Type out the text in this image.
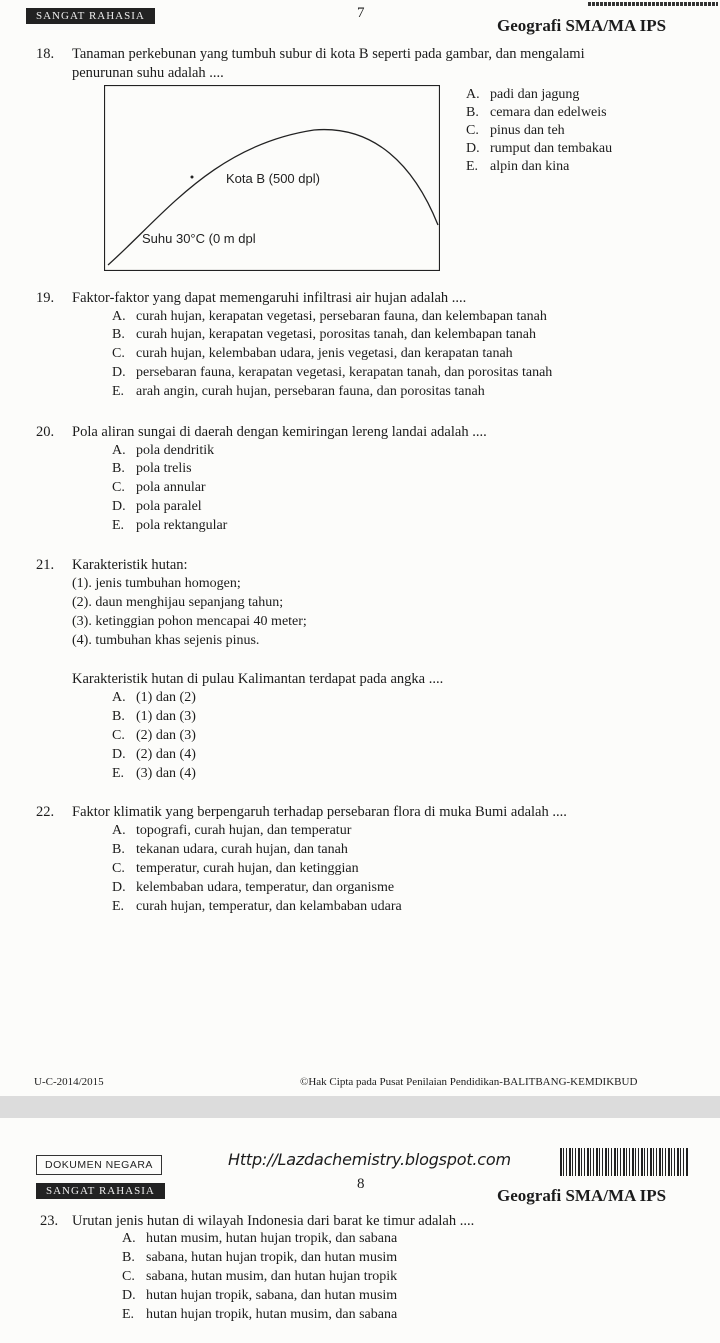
SANGAT RAHASIA	7
Geografi SMA/MA IPS
18. Tanaman perkebunan yang tumbuh subur di kota B seperti pada gambar, dan mengalami
penurunan suhu adalah ....
Kota B (500 dpl)
Suhu 30°C (0 m dpl
A. padi dan jagung
B. cemara dan edelweis
C. pinus dan teh
D. rumput dan tembakau
E. alpin dan kina
19. Faktor-faktor yang dapat memengaruhi infiltrasi air hujan adalah ....
A. curah hujan, kerapatan vegetasi, persebaran fauna, dan kelembapan tanah
B. curah hujan, kerapatan vegetasi, porositas tanah, dan kelembapan tanah
C. curah hujan, kelembaban udara, jenis vegetasi, dan kerapatan tanah
D. persebaran fauna, kerapatan vegetasi, kerapatan tanah, dan porositas tanah
E. arah angin, curah hujan, persebaran fauna, dan porositas tanah
20. Pola aliran sungai di daerah dengan kemiringan lereng landai adalah ....
A. pola dendritik
B. pola trelis
C. pola annular
D. pola paralel
E. pola rektangular
21. Karakteristik hutan:
(1). jenis tumbuhan homogen;
(2). daun menghijau sepanjang tahun;
(3). ketinggian pohon mencapai 40 meter;
(4). tumbuhan khas sejenis pinus.
Karakteristik hutan di pulau Kalimantan terdapat pada angka ....
A. (1) dan (2)
B. (1) dan (3)
C. (2) dan (3)
D. (2) dan (4)
E. (3) dan (4)
22. Faktor klimatik yang berpengaruh terhadap persebaran flora di muka Bumi adalah ....
A. topografi, curah hujan, dan temperatur
B. tekanan udara, curah hujan, dan tanah
C. temperatur, curah hujan, dan ketinggian
D. kelembaban udara, temperatur, dan organisme
E. curah hujan, temperatur, dan kelambaban udara
U-C-2014/2015	©Hak Cipta pada Pusat Penilaian Pendidikan-BALITBANG-KEMDIKBUD
DOKUMEN NEGARA
SANGAT RAHASIA
Http://Lazdachemistry.blogspot.com
8
Geografi SMA/MA IPS
23. Urutan jenis hutan di wilayah Indonesia dari barat ke timur adalah ....
A. hutan musim, hutan hujan tropik, dan sabana
B. sabana, hutan hujan tropik, dan hutan musim
C. sabana, hutan musim, dan hutan hujan tropik
D. hutan hujan tropik, sabana, dan hutan musim
E. hutan hujan tropik, hutan musim, dan sabana
